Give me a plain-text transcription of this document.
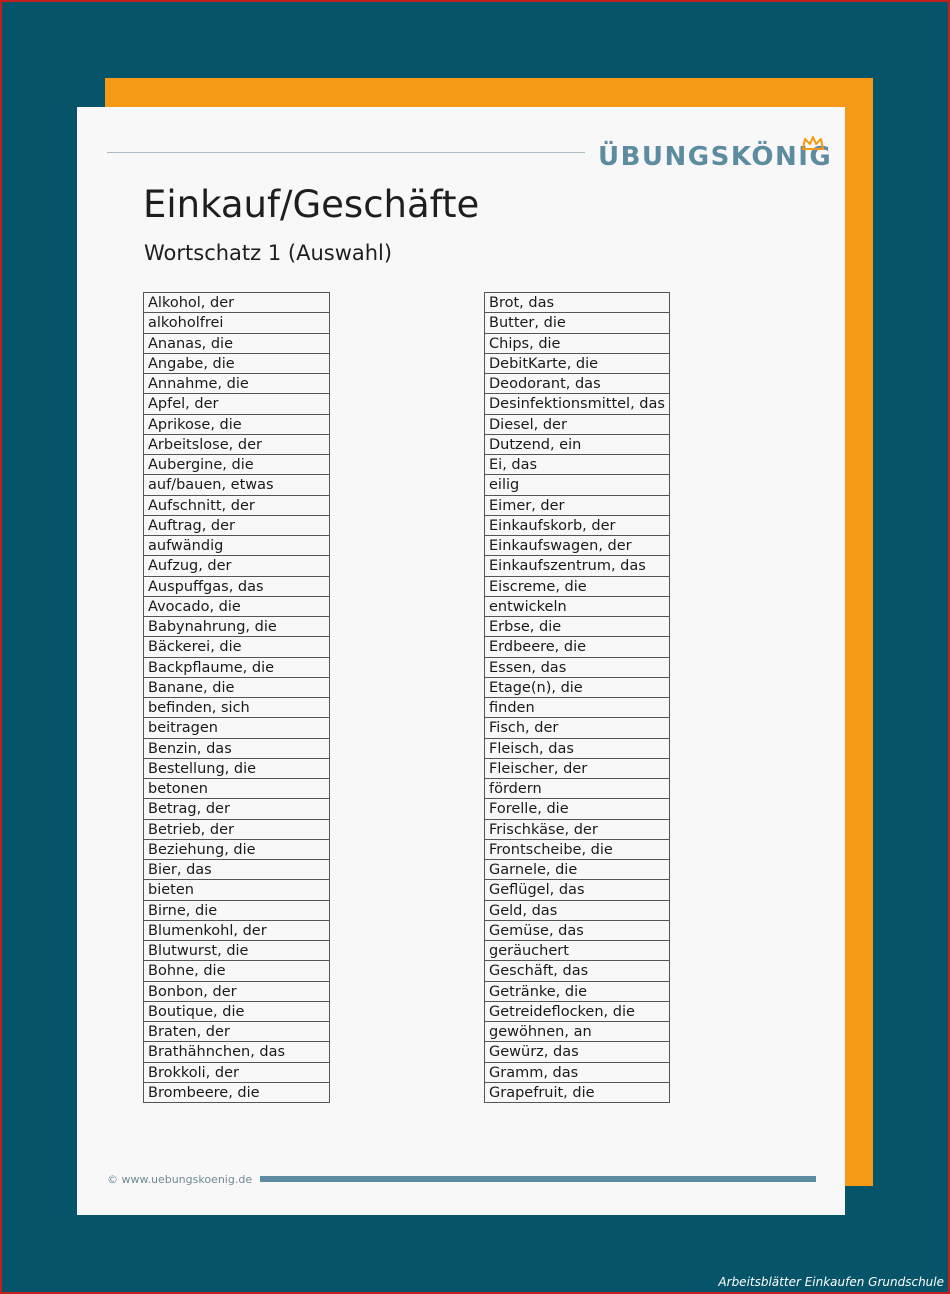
ÜBUNGSKÖNIG
Einkauf/Geschäfte
Wortschatz 1 (Auswahl)
Alkohol, der
alkoholfrei
Ananas, die
Angabe, die
Annahme, die
Apfel, der
Aprikose, die
Arbeitslose, der
Aubergine, die
auf/bauen, etwas
Aufschnitt, der
Auftrag, der
aufwändig
Aufzug, der
Auspuffgas, das
Avocado, die
Babynahrung, die
Bäckerei, die
Backpflaume, die
Banane, die
befinden, sich
beitragen
Benzin, das
Bestellung, die
betonen
Betrag, der
Betrieb, der
Beziehung, die
Bier, das
bieten
Birne, die
Blumenkohl, der
Blutwurst, die
Bohne, die
Bonbon, der
Boutique, die
Braten, der
Brathähnchen, das
Brokkoli, der
Brombeere, die
Brot, das
Butter, die
Chips, die
DebitKarte, die
Deodorant, das
Desinfektionsmittel, das
Diesel, der
Dutzend, ein
Ei, das
eilig
Eimer, der
Einkaufskorb, der
Einkaufswagen, der
Einkaufszentrum, das
Eiscreme, die
entwickeln
Erbse, die
Erdbeere, die
Essen, das
Etage(n), die
finden
Fisch, der
Fleisch, das
Fleischer, der
fördern
Forelle, die
Frischkäse, der
Frontscheibe, die
Garnele, die
Geflügel, das
Geld, das
Gemüse, das
geräuchert
Geschäft, das
Getränke, die
Getreideflocken, die
gewöhnen, an
Gewürz, das
Gramm, das
Grapefruit, die
© www.uebungskoenig.de
Arbeitsblätter Einkaufen Grundschule
